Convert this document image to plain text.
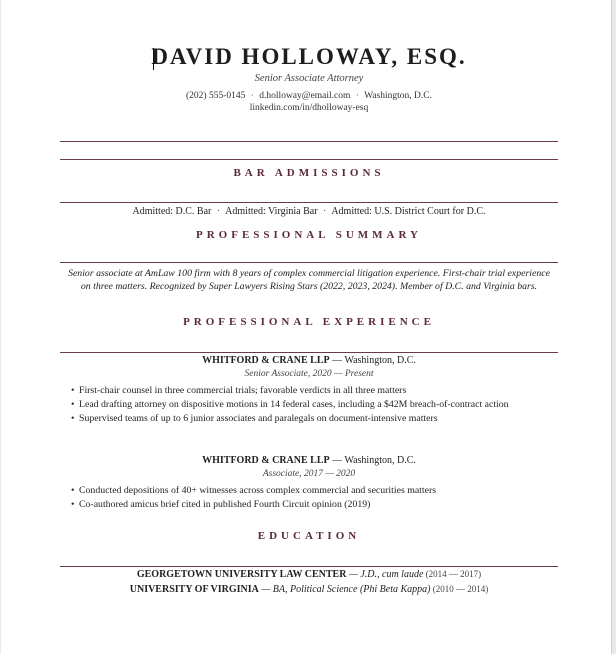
DAVID HOLLOWAY, ESQ.
Senior Associate Attorney
(202) 555-0145 · d.holloway@email.com · Washington, D.C.
linkedin.com/in/dholloway-esq
BAR ADMISSIONS
Admitted: D.C. Bar · Admitted: Virginia Bar · Admitted: U.S. District Court for D.C.
PROFESSIONAL SUMMARY
Senior associate at AmLaw 100 firm with 8 years of complex commercial litigation experience. First-chair trial experience on three matters. Recognized by Super Lawyers Rising Stars (2022, 2023, 2024). Member of D.C. and Virginia bars.
PROFESSIONAL EXPERIENCE
WHITFORD & CRANE LLP — Washington, D.C.
Senior Associate, 2020 — Present
• First-chair counsel in three commercial trials; favorable verdicts in all three matters
• Lead drafting attorney on dispositive motions in 14 federal cases, including a $42M breach-of-contract action
• Supervised teams of up to 6 junior associates and paralegals on document-intensive matters
WHITFORD & CRANE LLP — Washington, D.C.
Associate, 2017 — 2020
• Conducted depositions of 40+ witnesses across complex commercial and securities matters
• Co-authored amicus brief cited in published Fourth Circuit opinion (2019)
EDUCATION
GEORGETOWN UNIVERSITY LAW CENTER — J.D., cum laude (2014 — 2017)
UNIVERSITY OF VIRGINIA — BA, Political Science (Phi Beta Kappa) (2010 — 2014)
